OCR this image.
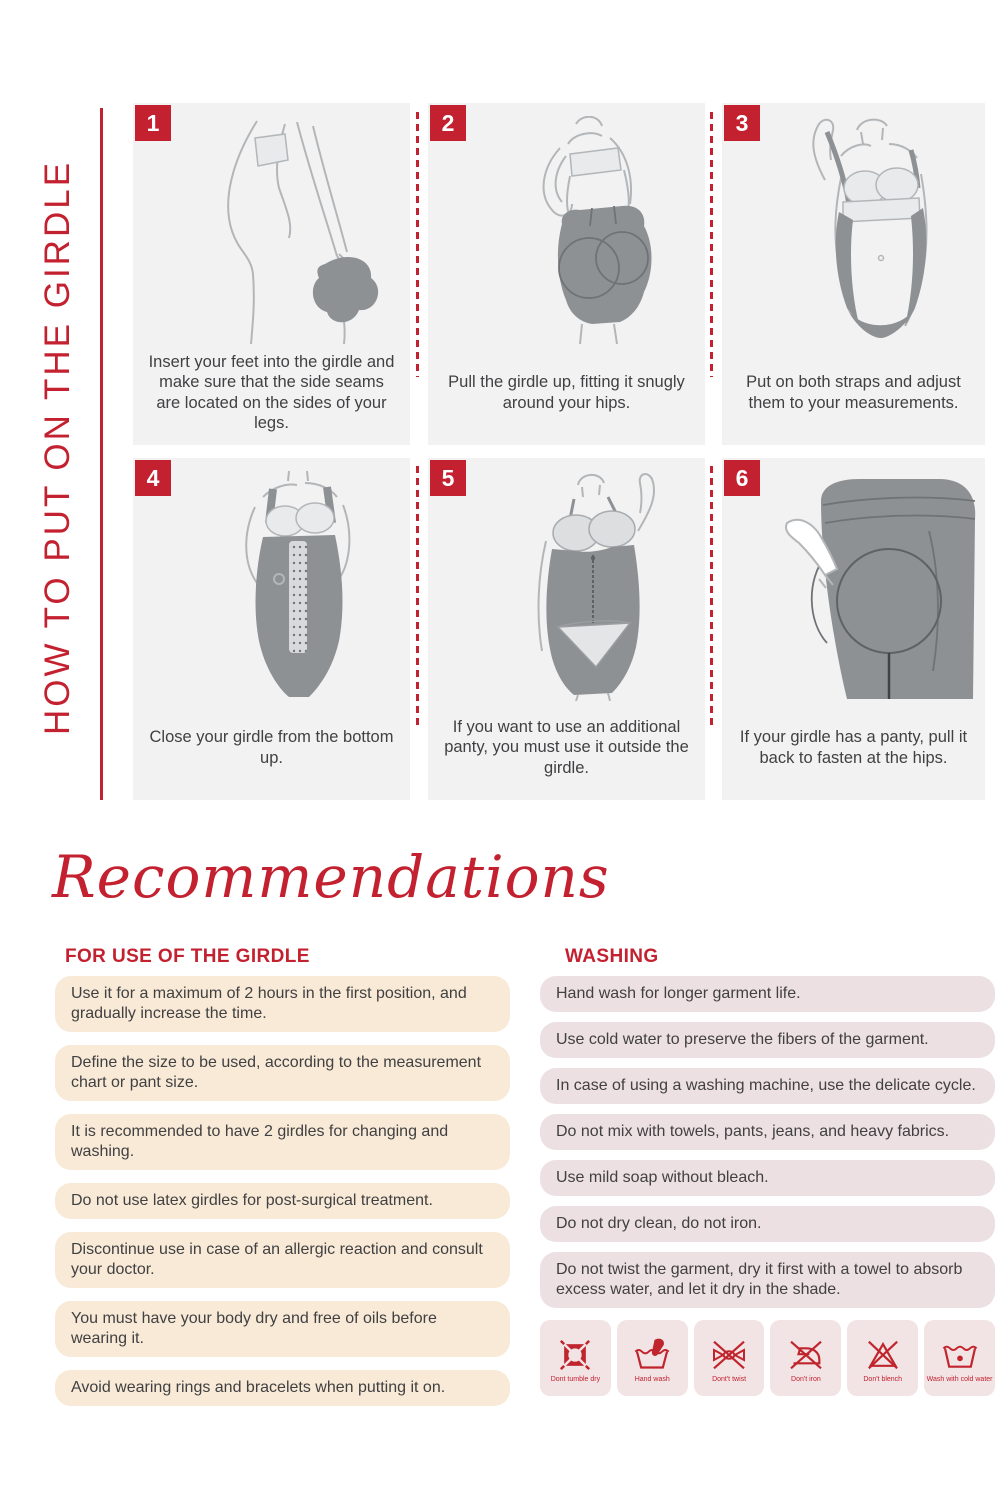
HOW TO PUT ON THE GIRDLE
1
Insert your feet into the girdle and make sure that the side seams are located on the sides of your legs.
2
Pull the girdle up, fitting it snugly around your hips.
3
Put on both straps and adjust them to your measurements.
4
Close your girdle from the bottom up.
5
If you want to use an additional panty, you must use it outside the girdle.
6
If your girdle has a panty, pull it back to fasten at the hips.
Recommendations
FOR USE OF THE GIRDLE	WASHING
Use it for a maximum of 2 hours in the first position, and gradually increase the time.
Define the size to be used, according to the measurement chart or pant size.
It is recommended to have 2 girdles for changing and washing.
Do not use latex girdles for post-surgical treatment.
Discontinue use in case of an allergic reaction and consult your doctor.
You must have your body dry and free of oils before wearing it.
Avoid wearing rings and bracelets when putting it on.
Hand wash for longer garment life.
Use cold water to preserve the fibers of the garment.
In case of using a washing machine, use the delicate cycle.
Do not mix with towels, pants, jeans, and heavy fabrics.
Use mild soap without bleach.
Do not dry clean, do not iron.
Do not twist the garment, dry it first with a towel to absorb excess water, and let it dry in the shade.
Dont tumble dry	Hand wash	Dont't twist	Don't iron	Don't blench	Wash with cold water
